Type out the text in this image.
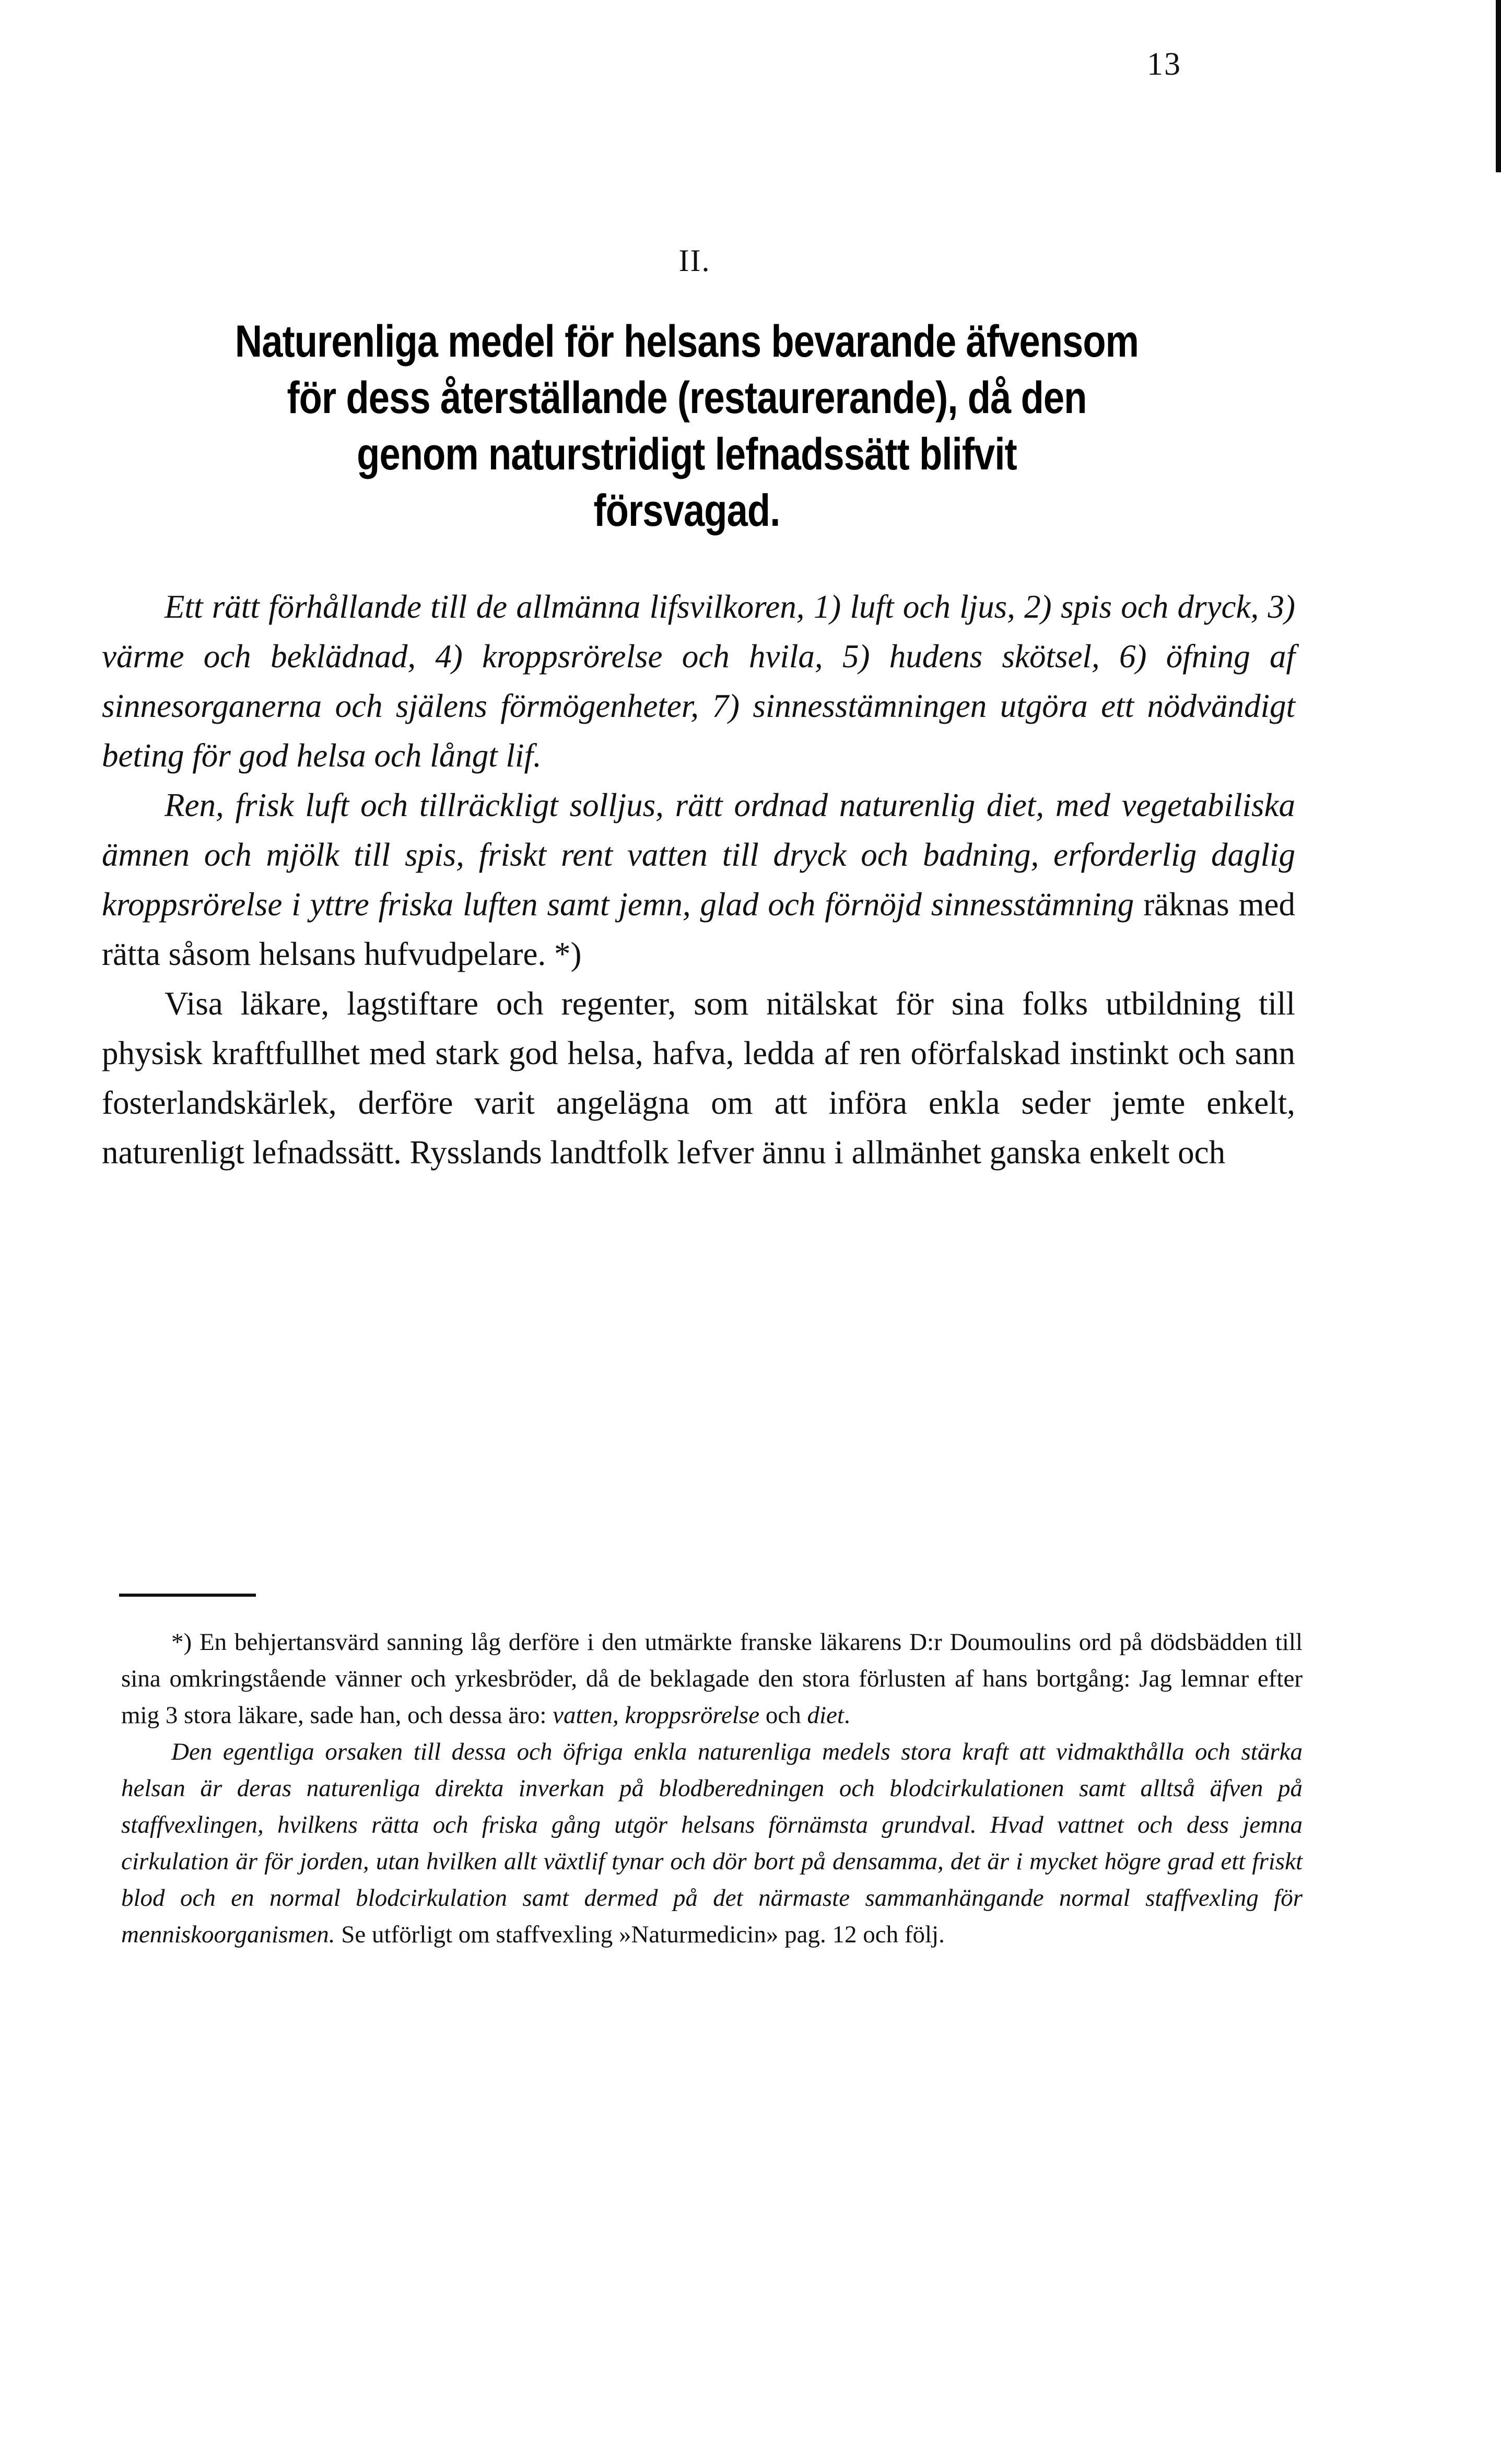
13
II.
Naturenliga medel för helsans bevarande äfvensom
för dess återställande (restaurerande), då den
genom naturstridigt lefnadssätt blifvit
försvagad.

Ett rätt förhållande till de allmänna lifsvilkoren, 1) luft och ljus, 2) spis och dryck, 3) värme och beklädnad, 4) kroppsrörelse och hvila, 5) hudens skötsel, 6) öfning af sinnesorganerna och själens förmögenheter, 7) sinnesstämningen utgöra ett nödvändigt beting för god helsa och långt lif.

Ren, frisk luft och tillräckligt solljus, rätt ordnad naturenlig diet, med vegetabiliska ämnen och mjölk till spis, friskt rent vatten till dryck och badning, erforderlig daglig kroppsrörelse i yttre friska luften samt jemn, glad och förnöjd sinnesstämning räknas med rätta såsom helsans hufvudpelare. *)

Visa läkare, lagstiftare och regenter, som nitälskat för sina folks utbildning till physisk kraftfullhet med stark god helsa, hafva, ledda af ren oförfalskad instinkt och sann fosterlandskärlek, derföre varit angelägna om att införa enkla seder jemte enkelt, naturenligt lefnadssätt. Rysslands landtfolk lefver ännu i allmänhet ganska enkelt och

*) En behjertansvärd sanning låg derföre i den utmärkte franske läkarens D:r Doumoulins ord på dödsbädden till sina omkringstående vänner och yrkesbröder, då de beklagade den stora förlusten af hans bortgång: Jag lemnar efter mig 3 stora läkare, sade han, och dessa äro: vatten, kroppsrörelse och diet.

Den egentliga orsaken till dessa och öfriga enkla naturenliga medels stora kraft att vidmakthålla och stärka helsan är deras naturenliga direkta inverkan på blodberedningen och blodcirkulationen samt alltså äfven på staffvexlingen, hvilkens rätta och friska gång utgör helsans förnämsta grundval. Hvad vattnet och dess jemna cirkulation är för jorden, utan hvilken allt växtlif tynar och dör bort på densamma, det är i mycket högre grad ett friskt blod och en normal blodcirkulation samt dermed på det närmaste sammanhängande normal staffvexling för menniskoorganismen. Se utförligt om staffvexling »Naturmedicin» pag. 12 och följ.
